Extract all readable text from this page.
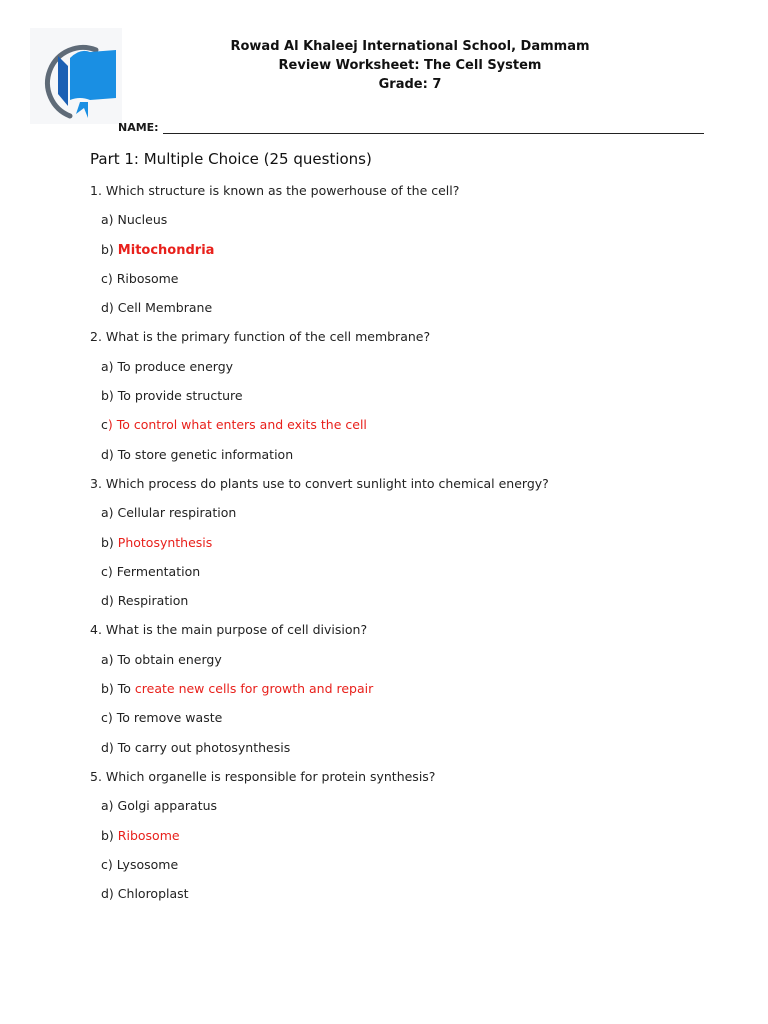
Rowad Al Khaleej International School, Dammam
Review Worksheet: The Cell System
Grade: 7
NAME:
Part 1: Multiple Choice (25 questions)
1. Which structure is known as the powerhouse of the cell?
a) Nucleus
b) Mitochondria
c) Ribosome
d) Cell Membrane
2. What is the primary function of the cell membrane?
a) To produce energy
b) To provide structure
c) To control what enters and exits the cell
d) To store genetic information
3. Which process do plants use to convert sunlight into chemical energy?
a) Cellular respiration
b) Photosynthesis
c) Fermentation
d) Respiration
4. What is the main purpose of cell division?
a) To obtain energy
b) To create new cells for growth and repair
c) To remove waste
d) To carry out photosynthesis
5. Which organelle is responsible for protein synthesis?
a) Golgi apparatus
b) Ribosome
c) Lysosome
d) Chloroplast
